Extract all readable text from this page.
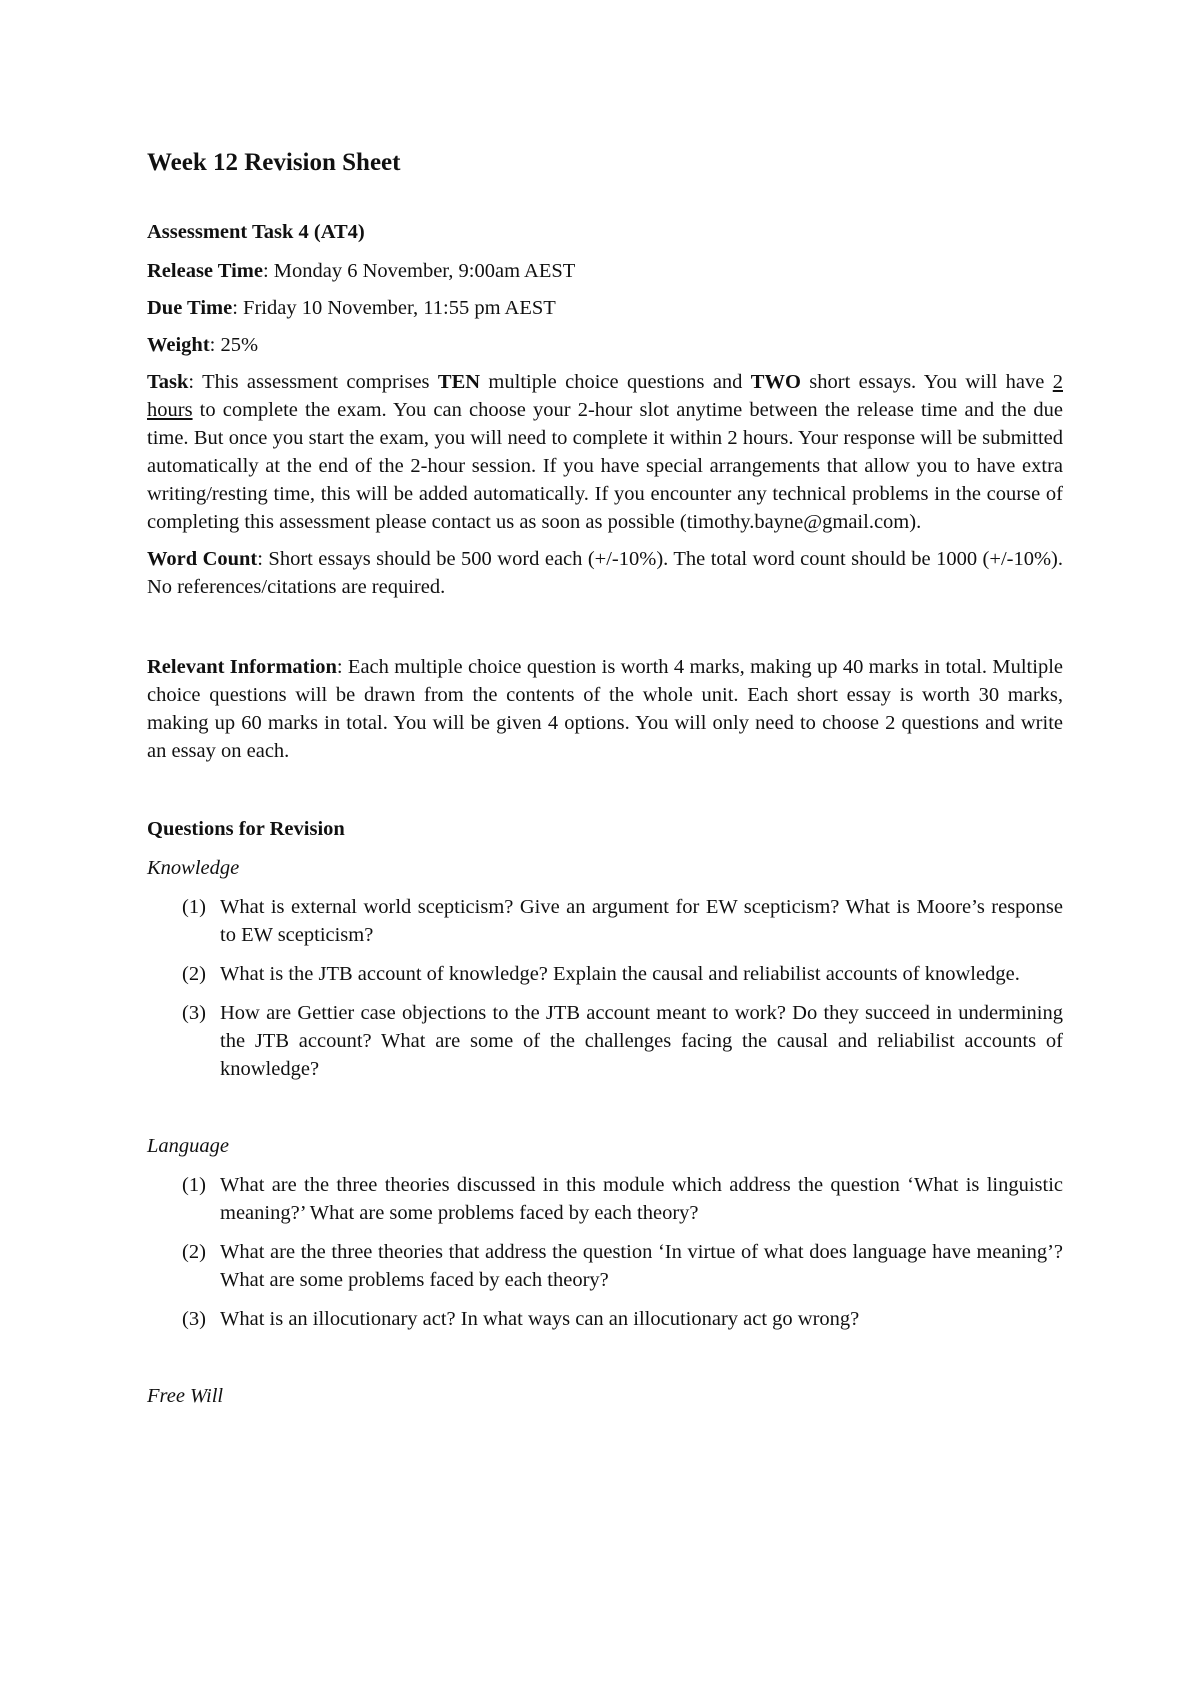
Week 12 Revision Sheet

Assessment Task 4 (AT4)

Release Time: Monday 6 November, 9:00am AEST

Due Time: Friday 10 November, 11:55 pm AEST

Weight: 25%

Task: This assessment comprises TEN multiple choice questions and TWO short essays. You will have 2 hours to complete the exam. You can choose your 2-hour slot anytime between the release time and the due time. But once you start the exam, you will need to complete it within 2 hours. Your response will be submitted automatically at the end of the 2-hour session. If you have special arrangements that allow you to have extra writing/resting time, this will be added automatically. If you encounter any technical problems in the course of completing this assessment please contact us as soon as possible (timothy.bayne@gmail.com).

Word Count: Short essays should be 500 word each (+/-10%). The total word count should be 1000 (+/-10%). No references/citations are required.

Relevant Information: Each multiple choice question is worth 4 marks, making up 40 marks in total. Multiple choice questions will be drawn from the contents of the whole unit. Each short essay is worth 30 marks, making up 60 marks in total. You will be given 4 options. You will only need to choose 2 questions and write an essay on each.

Questions for Revision

Knowledge

(1) What is external world scepticism? Give an argument for EW scepticism? What is Moore’s response to EW scepticism?
(2) What is the JTB account of knowledge? Explain the causal and reliabilist accounts of knowledge.
(3) How are Gettier case objections to the JTB account meant to work? Do they succeed in undermining the JTB account? What are some of the challenges facing the causal and reliabilist accounts of knowledge?

Language

(1) What are the three theories discussed in this module which address the question ‘What is linguistic meaning?’ What are some problems faced by each theory?
(2) What are the three theories that address the question ‘In virtue of what does language have meaning’? What are some problems faced by each theory?
(3) What is an illocutionary act? In what ways can an illocutionary act go wrong?

Free Will
